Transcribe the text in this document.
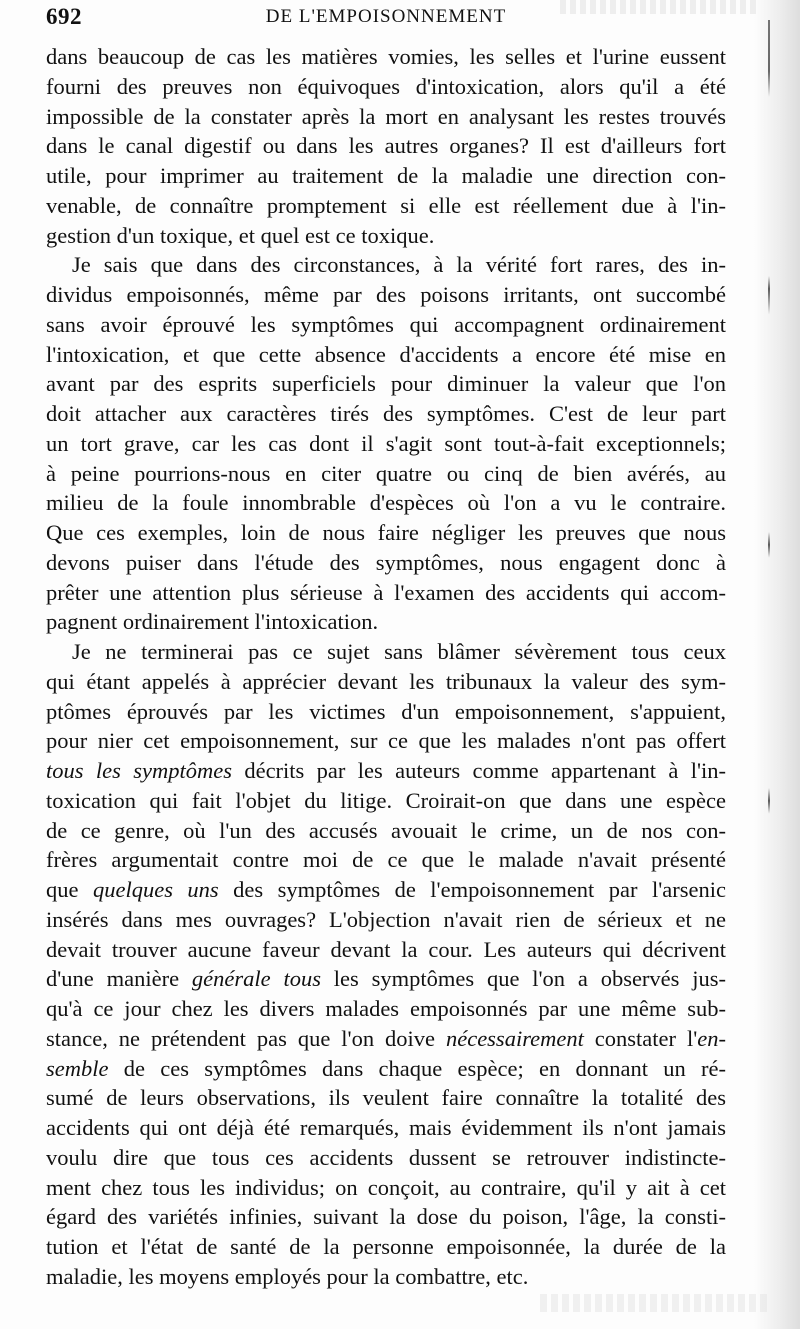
692	DE L'EMPOISONNEMENT
dans beaucoup de cas les matières vomies, les selles et l'urine eussent
fourni des preuves non équivoques d'intoxication, alors qu'il a été
impossible de la constater après la mort en analysant les restes trouvés
dans le canal digestif ou dans les autres organes? Il est d'ailleurs fort
utile, pour imprimer au traitement de la maladie une direction con-
venable, de connaître promptement si elle est réellement due à l'in-
gestion d'un toxique, et quel est ce toxique.
Je sais que dans des circonstances, à la vérité fort rares, des in-
dividus empoisonnés, même par des poisons irritants, ont succombé
sans avoir éprouvé les symptômes qui accompagnent ordinairement
l'intoxication, et que cette absence d'accidents a encore été mise en
avant par des esprits superficiels pour diminuer la valeur que l'on
doit attacher aux caractères tirés des symptômes. C'est de leur part
un tort grave, car les cas dont il s'agit sont tout-à-fait exceptionnels;
à peine pourrions-nous en citer quatre ou cinq de bien avérés, au
milieu de la foule innombrable d'espèces où l'on a vu le contraire.
Que ces exemples, loin de nous faire négliger les preuves que nous
devons puiser dans l'étude des symptômes, nous engagent donc à
prêter une attention plus sérieuse à l'examen des accidents qui accom-
pagnent ordinairement l'intoxication.
Je ne terminerai pas ce sujet sans blâmer sévèrement tous ceux
qui étant appelés à apprécier devant les tribunaux la valeur des sym-
ptômes éprouvés par les victimes d'un empoisonnement, s'appuient,
pour nier cet empoisonnement, sur ce que les malades n'ont pas offert
tous les symptômes décrits par les auteurs comme appartenant à l'in-
toxication qui fait l'objet du litige. Croirait-on que dans une espèce
de ce genre, où l'un des accusés avouait le crime, un de nos con-
frères argumentait contre moi de ce que le malade n'avait présenté
que quelques uns des symptômes de l'empoisonnement par l'arsenic
insérés dans mes ouvrages? L'objection n'avait rien de sérieux et ne
devait trouver aucune faveur devant la cour. Les auteurs qui décrivent
d'une manière générale tous les symptômes que l'on a observés jus-
qu'à ce jour chez les divers malades empoisonnés par une même sub-
stance, ne prétendent pas que l'on doive nécessairement constater l'en-
semble de ces symptômes dans chaque espèce; en donnant un ré-
sumé de leurs observations, ils veulent faire connaître la totalité des
accidents qui ont déjà été remarqués, mais évidemment ils n'ont jamais
voulu dire que tous ces accidents dussent se retrouver indistincte-
ment chez tous les individus; on conçoit, au contraire, qu'il y ait à cet
égard des variétés infinies, suivant la dose du poison, l'âge, la consti-
tution et l'état de santé de la personne empoisonnée, la durée de la
maladie, les moyens employés pour la combattre, etc.
